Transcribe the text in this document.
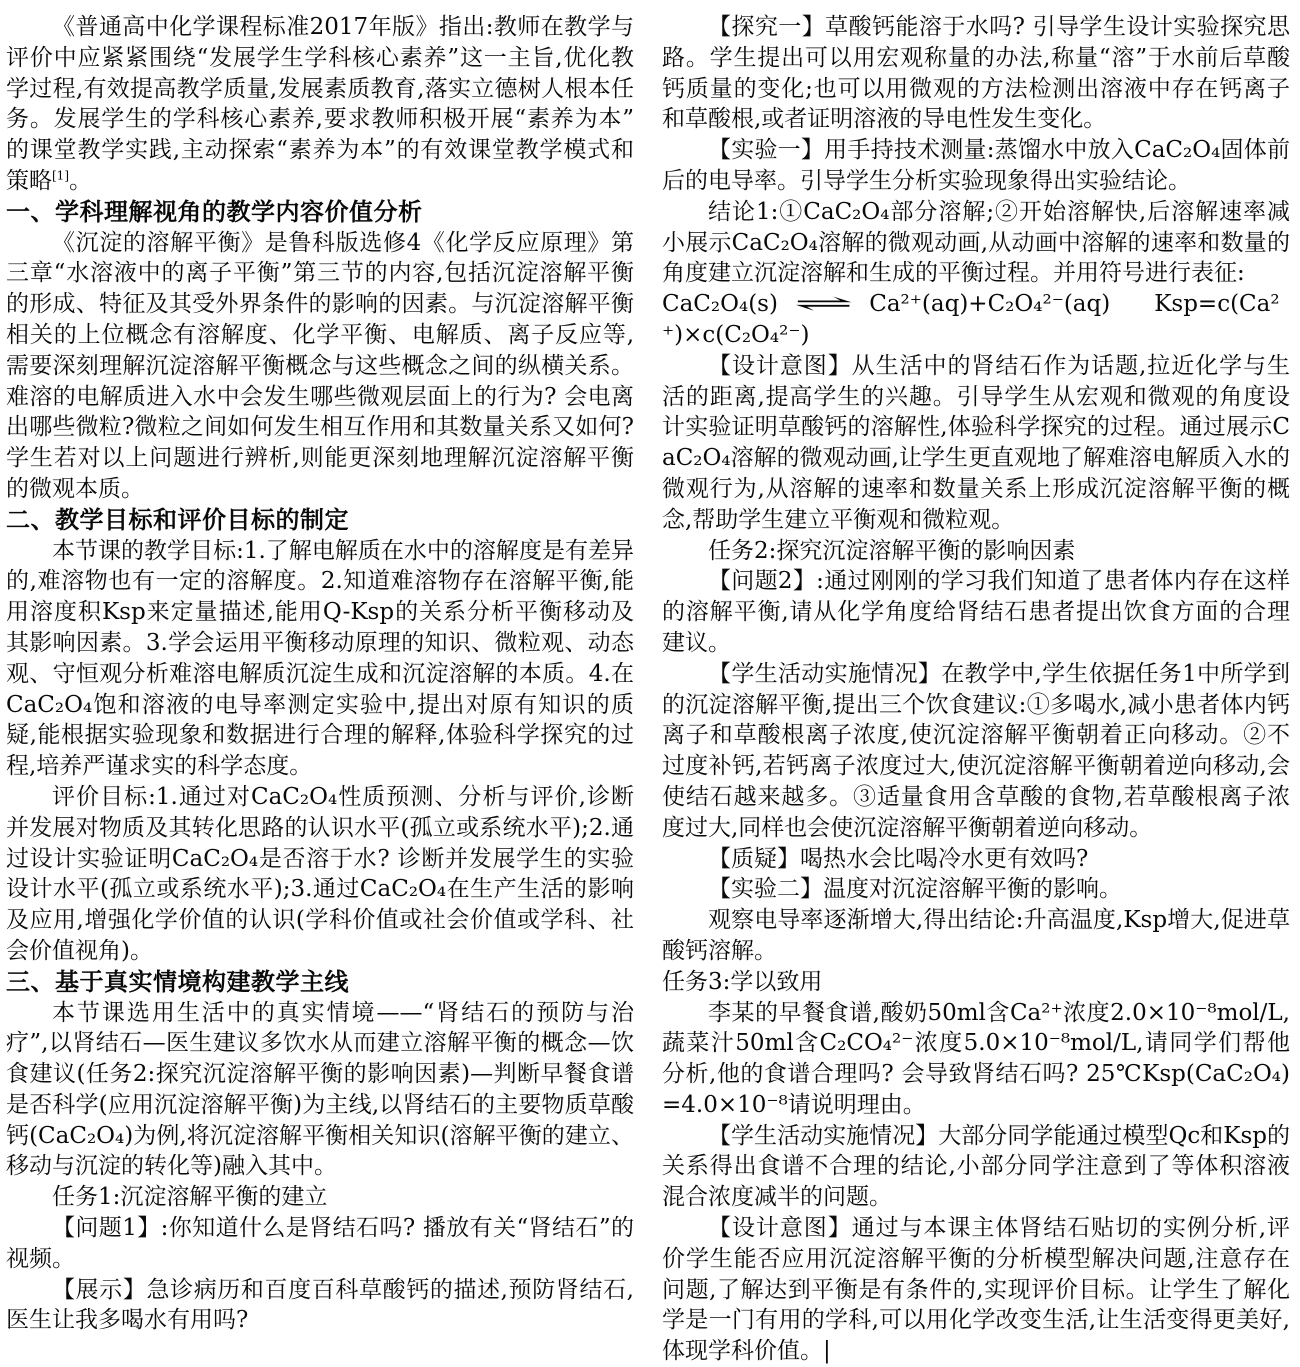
《普通高中化学课程标准2017年版》指出:教师在教学与评价中应紧紧围绕“发展学生学科核心素养”这一主旨,优化教学过程,有效提高教学质量,发展素质教育,落实立德树人根本任务。发展学生的学科核心素养,要求教师积极开展“素养为本”的课堂教学实践,主动探索“素养为本”的有效课堂教学模式和策略[1]。

一、学科理解视角的教学内容价值分析

《沉淀的溶解平衡》是鲁科版选修4《化学反应原理》第三章“水溶液中的离子平衡”第三节的内容,包括沉淀溶解平衡的形成、特征及其受外界条件的影响的因素。与沉淀溶解平衡相关的上位概念有溶解度、化学平衡、电解质、离子反应等,需要深刻理解沉淀溶解平衡概念与这些概念之间的纵横关系。难溶的电解质进入水中会发生哪些微观层面上的行为? 会电离出哪些微粒?微粒之间如何发生相互作用和其数量关系又如何? 学生若对以上问题进行辨析,则能更深刻地理解沉淀溶解平衡的微观本质。

二、教学目标和评价目标的制定

本节课的教学目标:1.了解电解质在水中的溶解度是有差异的,难溶物也有一定的溶解度。2.知道难溶物存在溶解平衡,能用溶度积Ksp来定量描述,能用Q-Ksp的关系分析平衡移动及其影响因素。3.学会运用平衡移动原理的知识、微粒观、动态观、守恒观分析难溶电解质沉淀生成和沉淀溶解的本质。4.在CaC₂O₄饱和溶液的电导率测定实验中,提出对原有知识的质疑,能根据实验现象和数据进行合理的解释,体验科学探究的过程,培养严谨求实的科学态度。

评价目标:1.通过对CaC₂O₄性质预测、分析与评价,诊断并发展对物质及其转化思路的认识水平(孤立或系统水平);2.通过设计实验证明CaC₂O₄是否溶于水? 诊断并发展学生的实验设计水平(孤立或系统水平);3.通过CaC₂O₄在生产生活的影响及应用,增强化学价值的认识(学科价值或社会价值或学科、社会价值视角)。

三、基于真实情境构建教学主线

本节课选用生活中的真实情境——“肾结石的预防与治疗”,以肾结石—医生建议多饮水从而建立溶解平衡的概念—饮食建议(任务2:探究沉淀溶解平衡的影响因素)—判断早餐食谱是否科学(应用沉淀溶解平衡)为主线,以肾结石的主要物质草酸钙(CaC₂O₄)为例,将沉淀溶解平衡相关知识(溶解平衡的建立、移动与沉淀的转化等)融入其中。

任务1:沉淀溶解平衡的建立

【问题1】:你知道什么是肾结石吗? 播放有关“肾结石”的视频。

【展示】急诊病历和百度百科草酸钙的描述,预防肾结石,医生让我多喝水有用吗?

【探究一】草酸钙能溶于水吗? 引导学生设计实验探究思路。学生提出可以用宏观称量的办法,称量“溶”于水前后草酸钙质量的变化;也可以用微观的方法检测出溶液中存在钙离子和草酸根,或者证明溶液的导电性发生变化。

【实验一】用手持技术测量:蒸馏水中放入CaC₂O₄固体前后的电导率。引导学生分析实验现象得出实验结论。

结论1:①CaC₂O₄部分溶解;②开始溶解快,后溶解速率减小展示CaC₂O₄溶解的微观动画,从动画中溶解的速率和数量的角度建立沉淀溶解和生成的平衡过程。并用符号进行表征:

CaC₂O₄(s) ⇌ Ca²⁺(aq)+C₂O₄²⁻(aq) Ksp=c(Ca²⁺)×c(C₂O₄²⁻)

【设计意图】从生活中的肾结石作为话题,拉近化学与生活的距离,提高学生的兴趣。引导学生从宏观和微观的角度设计实验证明草酸钙的溶解性,体验科学探究的过程。通过展示CaC₂O₄溶解的微观动画,让学生更直观地了解难溶电解质入水的微观行为,从溶解的速率和数量关系上形成沉淀溶解平衡的概念,帮助学生建立平衡观和微粒观。

任务2:探究沉淀溶解平衡的影响因素

【问题2】:通过刚刚的学习我们知道了患者体内存在这样的溶解平衡,请从化学角度给肾结石患者提出饮食方面的合理建议。

【学生活动实施情况】在教学中,学生依据任务1中所学到的沉淀溶解平衡,提出三个饮食建议:①多喝水,减小患者体内钙离子和草酸根离子浓度,使沉淀溶解平衡朝着正向移动。②不过度补钙,若钙离子浓度过大,使沉淀溶解平衡朝着逆向移动,会使结石越来越多。③适量食用含草酸的食物,若草酸根离子浓度过大,同样也会使沉淀溶解平衡朝着逆向移动。

【质疑】喝热水会比喝冷水更有效吗?

【实验二】温度对沉淀溶解平衡的影响。

观察电导率逐渐增大,得出结论:升高温度,Ksp增大,促进草酸钙溶解。

任务3:学以致用

李某的早餐食谱,酸奶50ml含Ca²⁺浓度2.0×10⁻⁸mol/L,蔬菜汁50ml含C₂CO₄²⁻浓度5.0×10⁻⁸mol/L,请同学们帮他分析,他的食谱合理吗? 会导致肾结石吗? 25℃Ksp(CaC₂O₄)=4.0×10⁻⁸请说明理由。

【学生活动实施情况】大部分同学能通过模型Qc和Ksp的关系得出食谱不合理的结论,小部分同学注意到了等体积溶液混合浓度减半的问题。

【设计意图】通过与本课主体肾结石贴切的实例分析,评价学生能否应用沉淀溶解平衡的分析模型解决问题,注意存在问题,了解达到平衡是有条件的,实现评价目标。让学生了解化学是一门有用的学科,可以用化学改变生活,让生活变得更美好,体现学科价值。|
